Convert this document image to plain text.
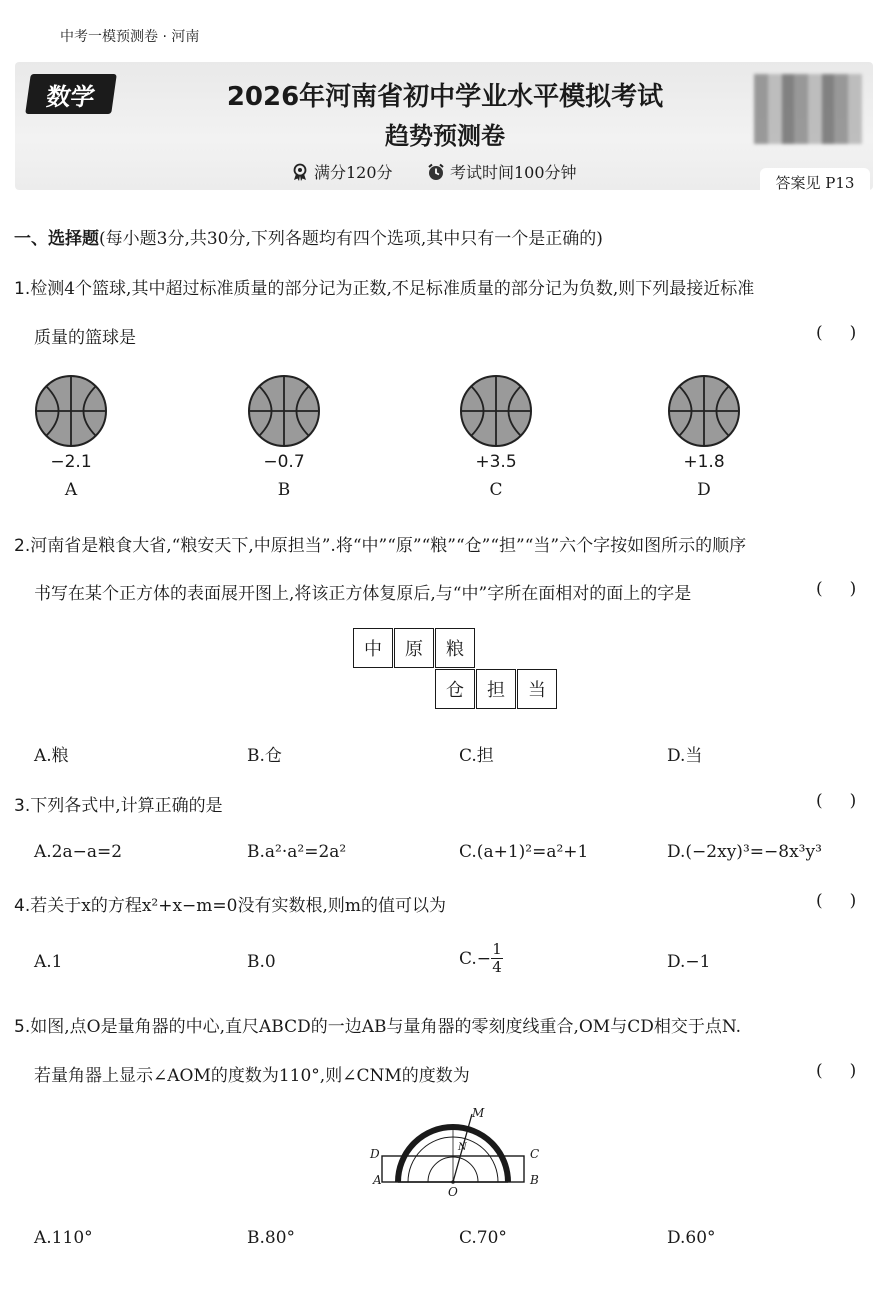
中考一模预测卷 · 河南
数学	2026年河南省初中学业水平模拟考试
趋势预测卷
满分120分	考试时间100分钟
答案见 P13
一、选择题(每小题3分,共30分,下列各题均有四个选项,其中只有一个是正确的)
1.检测4个篮球,其中超过标准质量的部分记为正数,不足标准质量的部分记为负数,则下列最接近标准
质量的篮球是	(     )
−2.1	−0.7	+3.5	+1.8
A	B	C	D
2.河南省是粮食大省,“粮安天下,中原担当”.将“中”“原”“粮”“仓”“担”“当”六个字按如图所示的顺序
书写在某个正方体的表面展开图上,将该正方体复原后,与“中”字所在面相对的面上的字是	(     )
中	原	粮
仓	担	当
A.粮	B.仓	C.担	D.当
3.下列各式中,计算正确的是	(     )
A.2a−a=2	B.a²·a²=2a²	C.(a+1)²=a²+1	D.(−2xy)³=−8x³y³
4.若关于x的方程x²+x−m=0没有实数根,则m的值可以为	(     )
A.1	B.0	$C.- \frac{1}{4}$	D.−1
5.如图,点O是量角器的中心,直尺ABCD的一边AB与量角器的零刻度线重合,OM与CD相交于点N.
若量角器上显示∠AOM的度数为110°,则∠CNM的度数为	(     )
M
N
D	C
A	B
O
A.110°	B.80°	C.70°	D.60°
